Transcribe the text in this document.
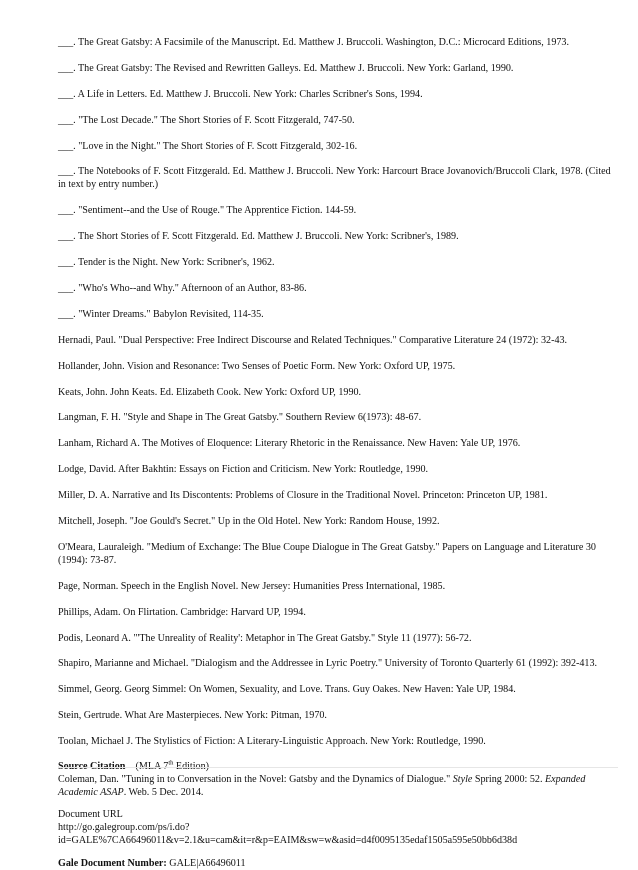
___. The Great Gatsby: A Facsimile of the Manuscript. Ed. Matthew J. Bruccoli. Washington, D.C.: Microcard Editions, 1973.

___. The Great Gatsby: The Revised and Rewritten Galleys. Ed. Matthew J. Bruccoli. New York: Garland, 1990.

___. A Life in Letters. Ed. Matthew J. Bruccoli. New York: Charles Scribner's Sons, 1994.

___. "The Lost Decade." The Short Stories of F. Scott Fitzgerald, 747-50.

___. "Love in the Night." The Short Stories of F. Scott Fitzgerald, 302-16.

___. The Notebooks of F. Scott Fitzgerald. Ed. Matthew J. Bruccoli. New York: Harcourt Brace Jovanovich/Bruccoli Clark, 1978. (Cited in text by entry number.)

___. "Sentiment--and the Use of Rouge." The Apprentice Fiction. 144-59.

___. The Short Stories of F. Scott Fitzgerald. Ed. Matthew J. Bruccoli. New York: Scribner's, 1989.

___. Tender is the Night. New York: Scribner's, 1962.

___. "Who's Who--and Why." Afternoon of an Author, 83-86.

___. "Winter Dreams." Babylon Revisited, 114-35.

Hernadi, Paul. "Dual Perspective: Free Indirect Discourse and Related Techniques." Comparative Literature 24 (1972): 32-43.

Hollander, John. Vision and Resonance: Two Senses of Poetic Form. New York: Oxford UP, 1975.

Keats, John. John Keats. Ed. Elizabeth Cook. New York: Oxford UP, 1990.

Langman, F. H. "Style and Shape in The Great Gatsby." Southern Review 6(1973): 48-67.

Lanham, Richard A. The Motives of Eloquence: Literary Rhetoric in the Renaissance. New Haven: Yale UP, 1976.

Lodge, David. After Bakhtin: Essays on Fiction and Criticism. New York: Routledge, 1990.

Miller, D. A. Narrative and Its Discontents: Problems of Closure in the Traditional Novel. Princeton: Princeton UP, 1981.

Mitchell, Joseph. "Joe Gould's Secret." Up in the Old Hotel. New York: Random House, 1992.

O'Meara, Lauraleigh. "Medium of Exchange: The Blue Coupe Dialogue in The Great Gatsby." Papers on Language and Literature 30 (1994): 73-87.

Page, Norman. Speech in the English Novel. New Jersey: Humanities Press International, 1985.

Phillips, Adam. On Flirtation. Cambridge: Harvard UP, 1994.

Podis, Leonard A. "'The Unreality of Reality': Metaphor in The Great Gatsby." Style 11 (1977): 56-72.

Shapiro, Marianne and Michael. "Dialogism and the Addressee in Lyric Poetry." University of Toronto Quarterly 61 (1992): 392-413.

Simmel, Georg. Georg Simmel: On Women, Sexuality, and Love. Trans. Guy Oakes. New Haven: Yale UP, 1984.

Stein, Gertrude. What Are Masterpieces. New York: Pitman, 1970.

Toolan, Michael J. The Stylistics of Fiction: A Literary-Linguistic Approach. New York: Routledge, 1990.

Source Citation (MLA 7th Edition)

Coleman, Dan. "Tuning in to Conversation in the Novel: Gatsby and the Dynamics of Dialogue." Style Spring 2000: 52. Expanded Academic ASAP. Web. 5 Dec. 2014.

Document URL

http://go.galegroup.com/ps/i.do?id=GALE%7CA66496011&v=2.1&u=cam&it=r&p=EAIM&sw=w&asid=d4f0095135edaf1505a595e50bb6d38d

Gale Document Number: GALE|A66496011
